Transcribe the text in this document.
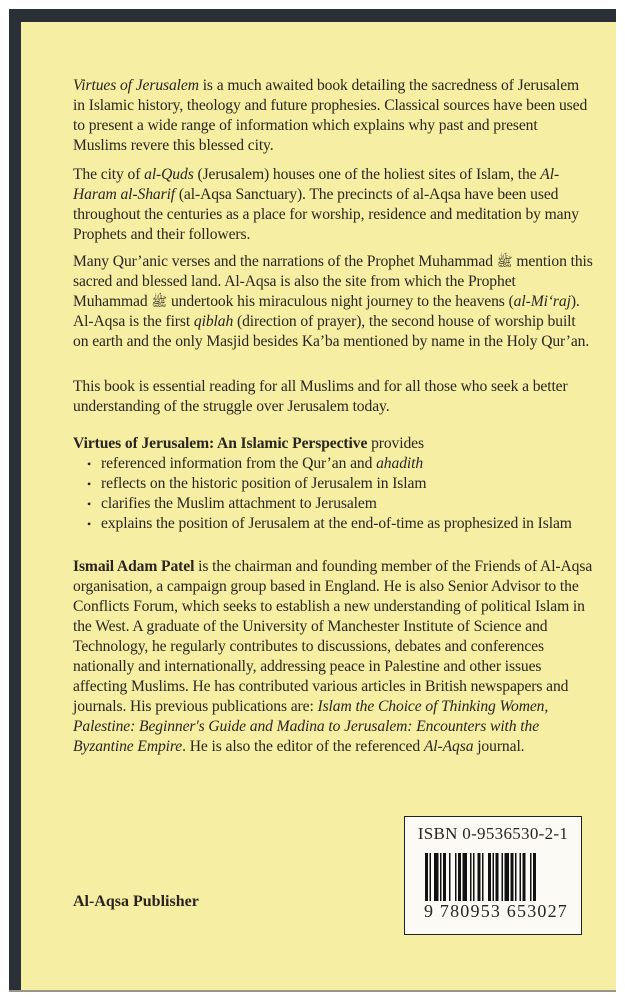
Virtues of Jerusalem is a much awaited book detailing the sacredness of Jerusalem in Islamic history, theology and future prophesies. Classical sources have been used to present a wide range of information which explains why past and present Muslims revere this blessed city.

The city of al-Quds (Jerusalem) houses one of the holiest sites of Islam, the Al-Haram al-Sharif (al-Aqsa Sanctuary). The precincts of al-Aqsa have been used throughout the centuries as a place for worship, residence and meditation by many Prophets and their followers.

Many Qur’anic verses and the narrations of the Prophet Muhammad ﷺ mention this sacred and blessed land. Al-Aqsa is also the site from which the Prophet Muhammad ﷺ undertook his miraculous night journey to the heavens (al-Mi‘raj). Al-Aqsa is the first qiblah (direction of prayer), the second house of worship built on earth and the only Masjid besides Ka’ba mentioned by name in the Holy Qur’an.

This book is essential reading for all Muslims and for all those who seek a better understanding of the struggle over Jerusalem today.

Virtues of Jerusalem: An Islamic Perspective provides

• referenced information from the Qur’an and ahadith
• reflects on the historic position of Jerusalem in Islam
• clarifies the Muslim attachment to Jerusalem
• explains the position of Jerusalem at the end-of-time as prophesized in Islam

Ismail Adam Patel is the chairman and founding member of the Friends of Al-Aqsa organisation, a campaign group based in England. He is also Senior Advisor to the Conflicts Forum, which seeks to establish a new understanding of political Islam in the West. A graduate of the University of Manchester Institute of Science and Technology, he regularly contributes to discussions, debates and conferences nationally and internationally, addressing peace in Palestine and other issues affecting Muslims. He has contributed various articles in British newspapers and journals. His previous publications are: Islam the Choice of Thinking Women, Palestine: Beginner's Guide and Madina to Jerusalem: Encounters with the Byzantine Empire. He is also the editor of the referenced Al-Aqsa journal.

Al-Aqsa Publisher
ISBN 0-9536530-2-1
9 780953 653027
